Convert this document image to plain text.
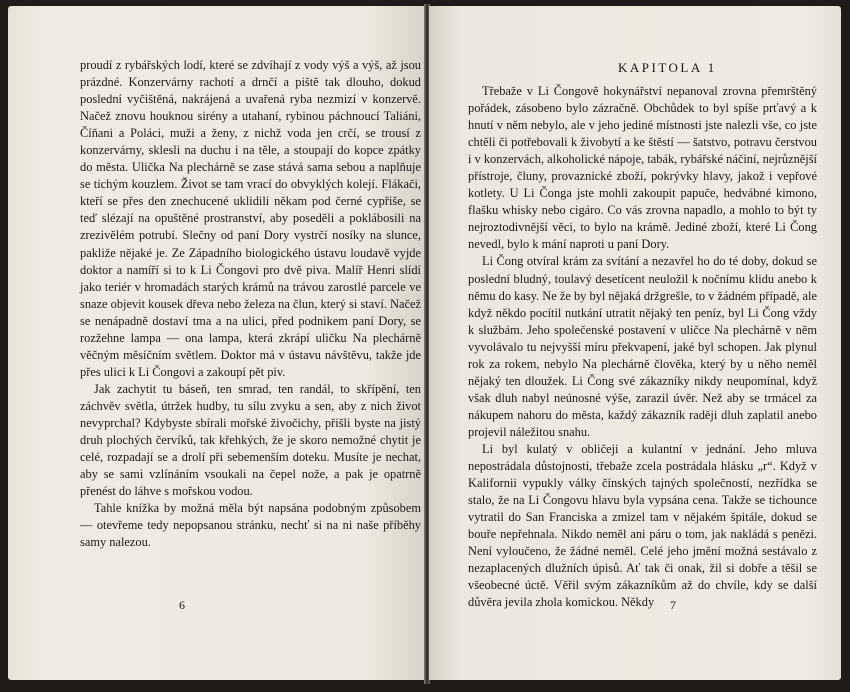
proudí z rybářských lodí, které se zdvíhají z vody výš a výš, až jsou prázdné. Konzervárny rachotí a drnčí a pištĕ tak dlouho, dokud poslední vyčištěná, nakrájená a uvařená ryba nezmizí v konzervě. Načež znovu houknou sirény a utahaní, rybinou páchnoucí Taliáni, Číňani a Poláci, muži a ženy, z nichž voda jen crčí, se trousí z konzervárny, sklesli na duchu i na těle, a stoupají do kopce zpátky do města. Ulička Na plechárně se zase stává sama sebou a naplňuje se tichým kouzlem. Život se tam vrací do obvyklých kolejí. Flákači, kteří se přes den znechucené uklidili někam pod černé cypřiše, se teď slézají na opuštěné prostranství, aby poseděli a poklábosili na zrezivělém potrubí. Slečny od paní Dory vystrčí nosíky na slunce, pakliže nějaké je. Ze Západního biologického ústavu loudavě vyjde doktor a namíří si to k Li Čongovi pro dvě piva. Malíř Henri slídí jako teriér v hromadách starých krámů na trávou zarostlé parcele ve snaze objevit kousek dřeva nebo železa na člun, který si staví. Načež se nenápadně dostaví tma a na ulici, před podnikem paní Dory, se rozžehne lampa — ona lampa, která zkrápí uličku Na plechárně věčným měsíčním světlem. Doktor má v ústavu návštěvu, takže jde přes ulici k Li Čongovi a zakoupí pět piv.

Jak zachytit tu báseň, ten smrad, ten randál, to skřípění, ten záchvěv světla, útržek hudby, tu sílu zvyku a sen, aby z nich život nevyprchal? Kdybyste sbírali mořské živočichy, přišli byste na jistý druh plochých červíků, tak křehkých, že je skoro nemožné chytit je celé, rozpadají se a drolí při sebemenším doteku. Musíte je nechat, aby se sami vzlínáním vsoukali na čepel nože, a pak je opatrně přenést do láhve s mořskou vodou.

Tahle knížka by možná měla být napsána podobným způsobem — otevřeme tedy nepopsanou stránku, nechť si na ni naše příběhy samy nalezou.

6
KAPITOLA 1

Třebaže v Li Čongově hokynářství nepanoval zrovna přemrštěný pořádek, zásobeno bylo zázračně. Obchůdek to byl spíše prťavý a k hnutí v něm nebylo, ale v jeho jediné místnosti jste nalezli vše, co jste chtěli či potřebovali k živobytí a ke štěstí — šatstvo, potravu čerstvou i v konzervách, alkoholické nápoje, tabák, rybářské náčiní, nejrůznější přístroje, čluny, provaznické zboží, pokrývky hlavy, jakož i vepřové kotlety. U Li Čonga jste mohli zakoupit papuče, hedvábné kimono, flašku whisky nebo cigáro. Co vás zrovna napadlo, a mohlo to být ty nejroztodivnější věci, to bylo na krámě. Jediné zboží, které Li Čong nevedl, bylo k mání naproti u paní Dory.

Li Čong otvíral krám za svítání a nezavřel ho do té doby, dokud se poslední bludný, toulavý desetícent neuložil k nočnímu klidu anebo k němu do kasy. Ne že by byl nějaká držgrešle, to v žádném případě, ale když někdo pocítil nutkání utratit nějaký ten peníz, byl Li Čong vždy k službám. Jeho společenské postavení v uličce Na plechárně v něm vyvolávalo tu nejvyšší míru překvapení, jaké byl schopen. Jak plynul rok za rokem, nebylo Na plechárně člověka, který by u něho neměl nějaký ten dloužek. Li Čong své zákazníky nikdy neupomínal, když však dluh nabyl neúnosné výše, zarazil úvěr. Než aby se trmácel za nákupem nahoru do města, každý zákazník raději dluh zaplatil anebo projevil náležitou snahu.

Li byl kulatý v obličeji a kulantní v jednání. Jeho mluva nepostrádala důstojnosti, třebaže zcela postrádala hlásku „r“. Když v Kalifornii vypukly války čínských tajných společností, nezřídka se stalo, že na Li Čongovu hlavu byla vypsána cena. Takže se tichounce vytratil do San Franciska a zmizel tam v nějakém špitále, dokud se bouře nepřehnala. Nikdo neměl ani páru o tom, jak nakládá s penězi. Není vyloučeno, že žádné neměl. Celé jeho jmění možná sestávalo z nezaplacených dlužních úpisů. Ať tak či onak, žil si dobře a těšil se všeobecné úctě. Věřil svým zákazníkům až do chvíle, kdy se další důvěra jevila zhola komickou. Někdy	7
